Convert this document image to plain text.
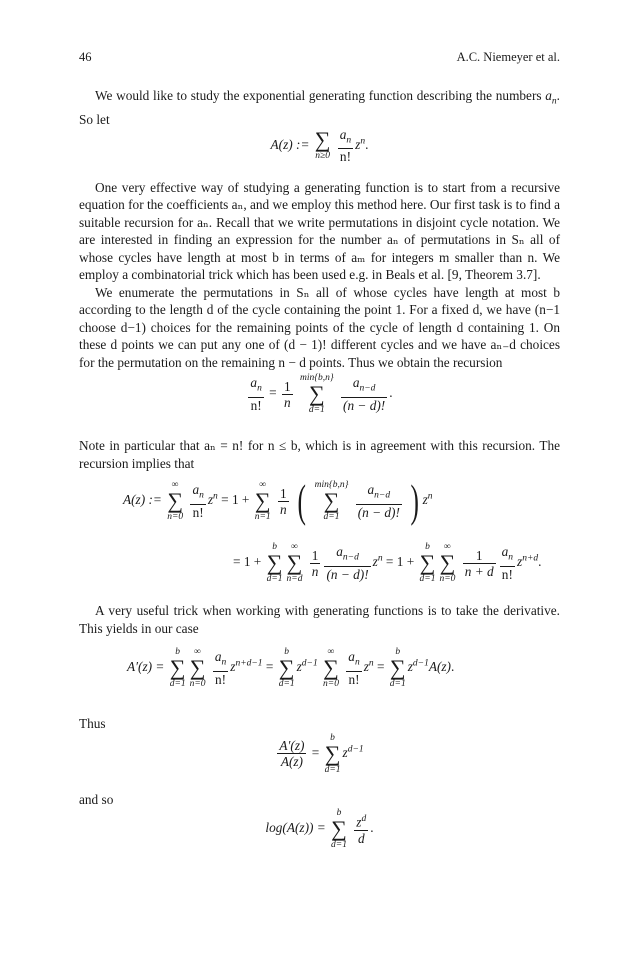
46	A.C. Niemeyer et al.

We would like to study the exponential generating function describing the numbers $a_n$. So let

A(z) := ∑
n≥0
$\frac{a_n}{n!} z^n$.

One very effective way of studying a generating function is to start from a recursive equation for the coefficients aₙ, and we employ this method here. Our first task is to find a suitable recursion for aₙ. Recall that we write permutations in disjoint cycle notation. We are interested in finding an expression for the number aₙ of permutations in Sₙ all of whose cycles have length at most b in terms of aₘ for integers m smaller than n. We employ a combinatorial trick which has been used e.g. in Beals et al. [9, Theorem 3.7].

We enumerate the permutations in Sₙ all of whose cycles have length at most b according to the length d of the cycle containing the point 1. For a fixed d, we have (n−1 choose d−1) choices for the remaining points of the cycle of length d containing 1. On these d points we can put any one of (d − 1)! different cycles and we have aₙ₋d choices for the permutation on the remaining n − d points. Thus we obtain the recursion

$\frac{a_n}{n!} = \frac{1}{n}$

min{b,n}
∑
d=1
	$\frac{a_{n-d}}{(n - d)!}$ .

Note in particular that aₙ = n! for n ≤ b, which is in agreement with this recursion. The recursion implies that

A(z) :=
∞
∑
n=0
$\frac{a_n}{n!} z^n = 1$ +
∞
∑
n=1

$\frac{1}{n}$ ( min{b,n}
∑
d=1
	$\frac{a_{n-d}}{(n - d)!}$ ) $z^n$
= 1 +
b
∑
d=1
∞
∑
n=d

$\frac{1}{n} \frac{a_{n-d}}{(n - d)!} z^n = 1$ +
b
∑
d=1
∞
∑
n=0

$\frac{1}{n + d} \frac{a_n}{n!} z^{n+d}$.

A very useful trick when working with generating functions is to take the derivative. This yields in our case

A′(z) =
b
∑
d=1
∞
∑
n=0
$\frac{a_n}{n!} z^{n+d-1}$ =
b
∑
d=1
$z^{d-1}$
∞
∑
n=0
$\frac{a_n}{n!} z^n$ =
b
∑
d=1
$z^{d-1}A(z)$.

Thus

$\frac{A'(z)}{A(z)}$ =
b
∑
d=1
$z^{d-1}$

and so

log(A(z)) =
b
∑
d=1
$\frac{z^d}{d}$ .
